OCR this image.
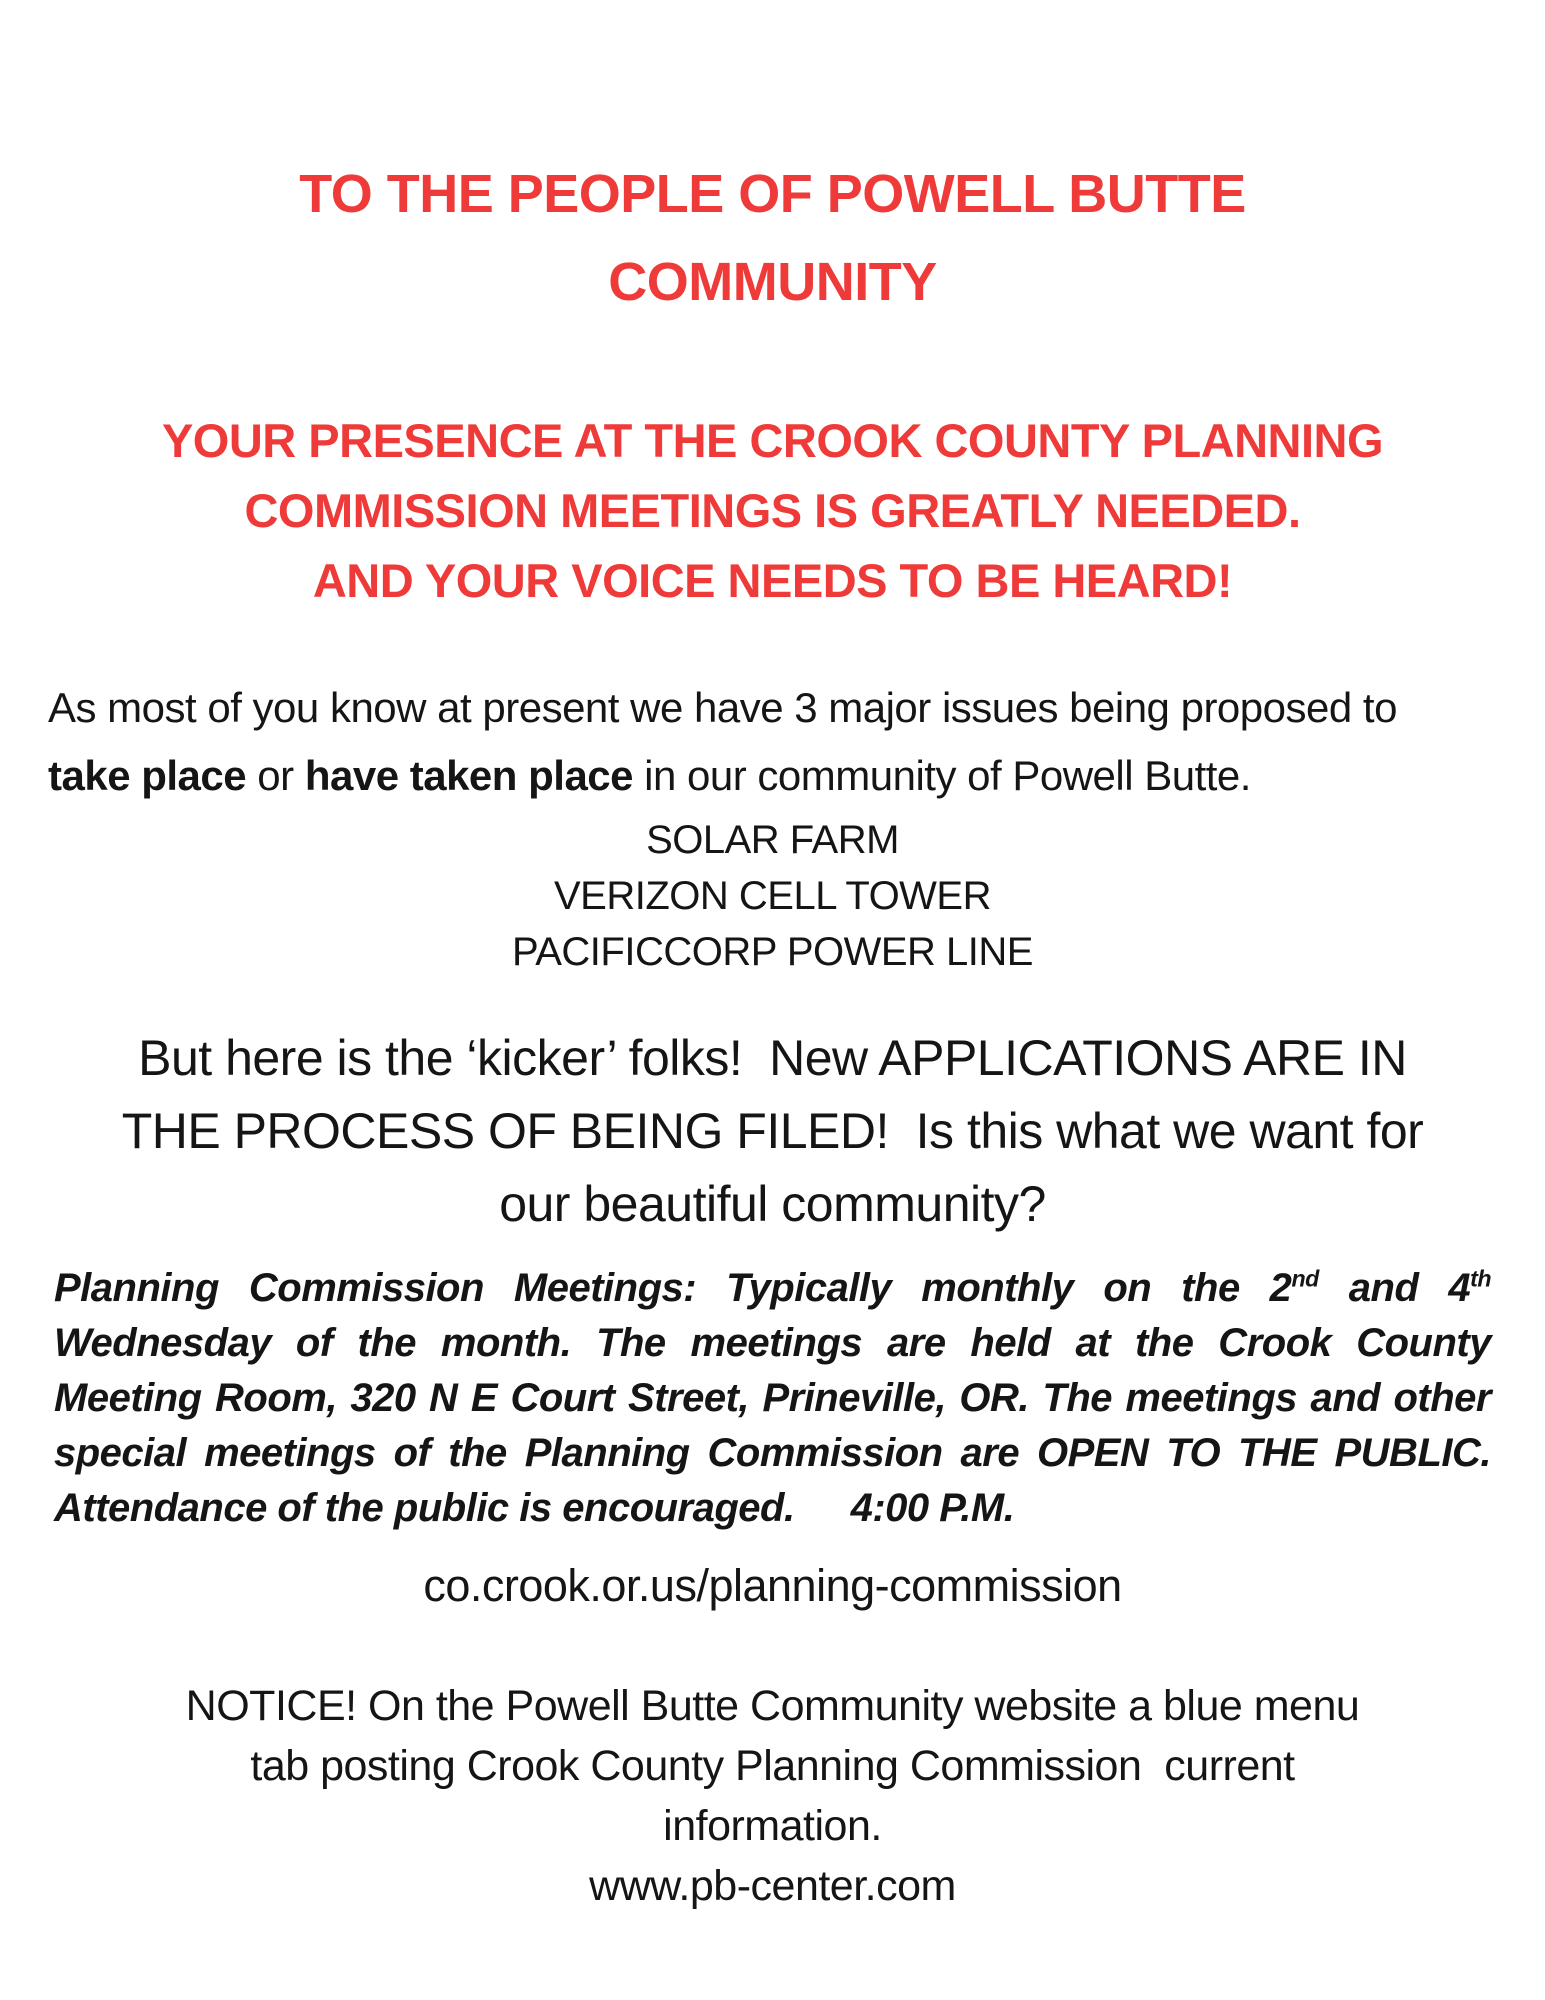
TO THE PEOPLE OF POWELL BUTTE
COMMUNITY
YOUR PRESENCE AT THE CROOK COUNTY PLANNING
COMMISSION MEETINGS IS GREATLY NEEDED.
AND YOUR VOICE NEEDS TO BE HEARD!
As most of you know at present we have 3 major issues being proposed to
take place or have taken place in our community of Powell Butte.
SOLAR FARM
VERIZON CELL TOWER
PACIFICCORP POWER LINE
But here is the ‘kicker’ folks!  New APPLICATIONS ARE IN
THE PROCESS OF BEING FILED!  Is this what we want for
our beautiful community?

Planning Commission Meetings: Typically monthly on the 2nd and 4th Wednesday of the month. The meetings are held at the Crook County Meeting Room, 320 N E Court Street, Prineville, OR. The meetings and other special meetings of the Planning Commission are OPEN TO THE PUBLIC. Attendance of the public is encouraged. 4:00 P.M.

co.crook.or.us/planning-commission
NOTICE! On the Powell Butte Community website a blue menu
tab posting Crook County Planning Commission  current
information.
www.pb-center.com
